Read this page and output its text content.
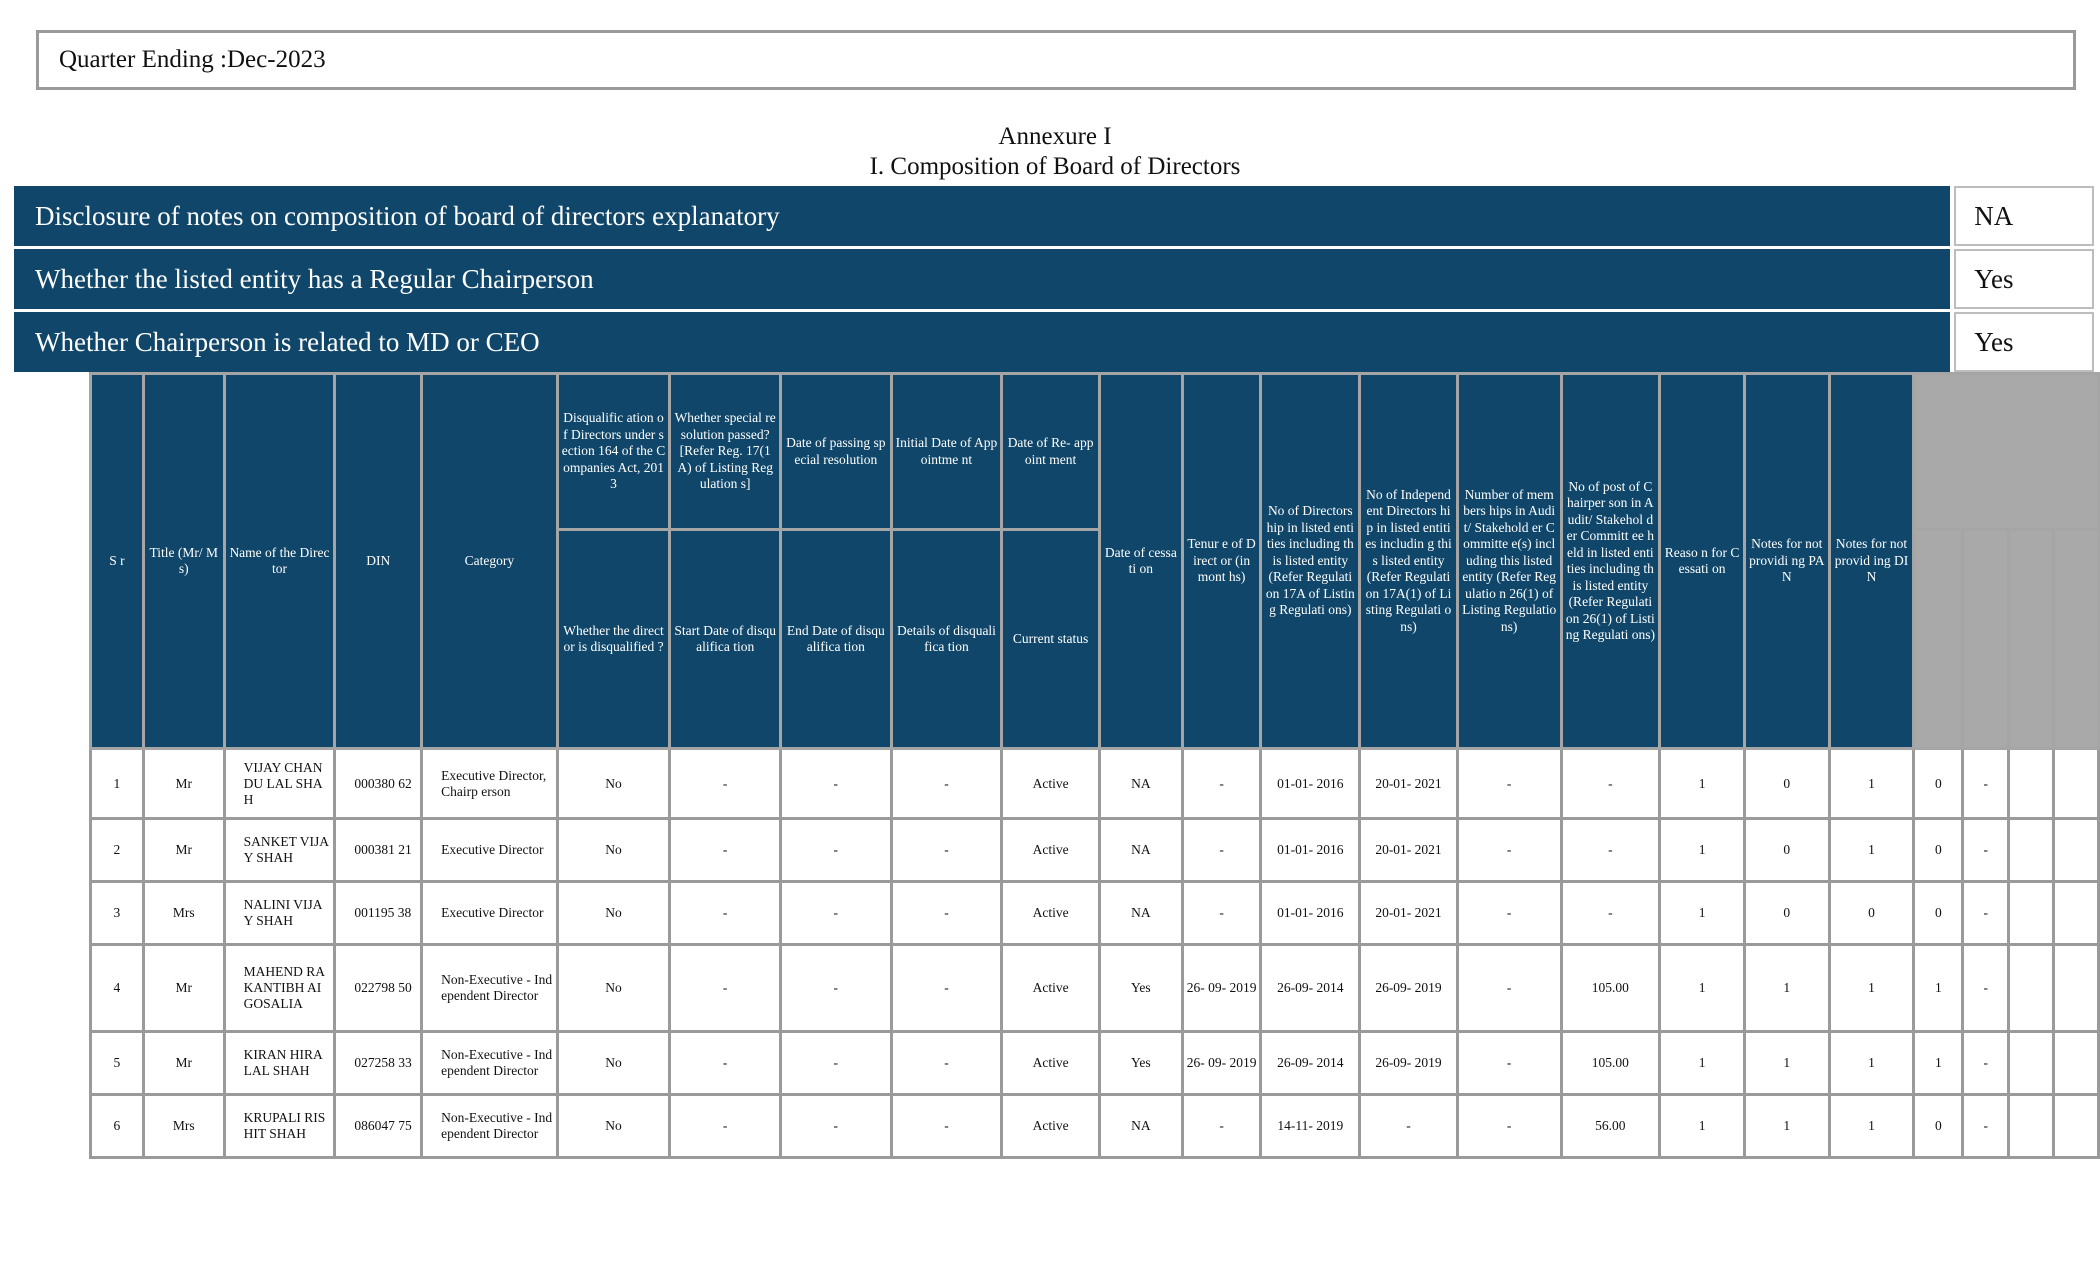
Quarter Ending :Dec-2023
Annexure I
I. Composition of Board of Directors
Disclosure of notes on composition of board of directors explanatory	NA
Whether the listed entity has a Regular Chairperson	Yes
Whether Chairperson is related to MD or CEO	Yes
S r	Title (Mr/ Ms)	Name of the Director	DIN	Category	Disqualific ation of Directors under section 164 of the Companies Act, 2013	Whether special resolution passed? [Refer Reg. 17(1A) of Listing Regulation s]	Date of passing special resolution	Initial Date of Appointme nt	Date of Re- appoint ment	Date of cessati on	Tenur e of Direct or (in mont hs)	No of Directors hip in listed entities including this listed entity (Refer Regulati on 17A of Listing Regulati ons)	No of Independ ent Directors hip in listed entities includin g this listed entity (Refer Regulati on 17A(1) of Listing Regulati ons)	Number of members hips in Audit/ Stakehold er Committe e(s) including this listed entity (Refer Regulatio n 26(1) of Listing Regulatio ns)	No of post of Chairper son in Audit/ Stakehol der Committ ee held in listed entities including this listed entity (Refer Regulati on 26(1) of Listing Regulati ons)	Reaso n for Cessati on	Notes for not providi ng PAN	Notes for not provid ing DIN				
					Whether the director is disqualified ?	Start Date of disqualifica tion	End Date of disqualifica tion	Details of disqualifica tion	Current status													
1	Mr	VIJAY CHANDU LAL SHAH	000380 62	Executive Director,Chairp erson	No	-	-	-	Active	NA	-	01-01- 2016	20-01- 2021	-	-	1	0	1	0	-		
2	Mr	SANKET VIJAY SHAH	000381 21	Executive Director	No	-	-	-	Active	NA	-	01-01- 2016	20-01- 2021	-	-	1	0	1	0	-		
3	Mrs	NALINI VIJAY SHAH	001195 38	Executive Director	No	-	-	-	Active	NA	-	01-01- 2016	20-01- 2021	-	-	1	0	0	0	-		
4	Mr	MAHEND RA KANTIBH AI GOSALIA	022798 50	Non-Executive - Independent Director	No	-	-	-	Active	Yes	26- 09- 2019	26-09- 2014	26-09- 2019	-	105.00	1	1	1	1	-		
5	Mr	KIRAN HIRALAL SHAH	027258 33	Non-Executive - Independent Director	No	-	-	-	Active	Yes	26- 09- 2019	26-09- 2014	26-09- 2019	-	105.00	1	1	1	1	-		
6	Mrs	KRUPALI RISHIT SHAH	086047 75	Non-Executive - Independent Director	No	-	-	-	Active	NA	-	14-11- 2019	-	-	56.00	1	1	1	0	-		
